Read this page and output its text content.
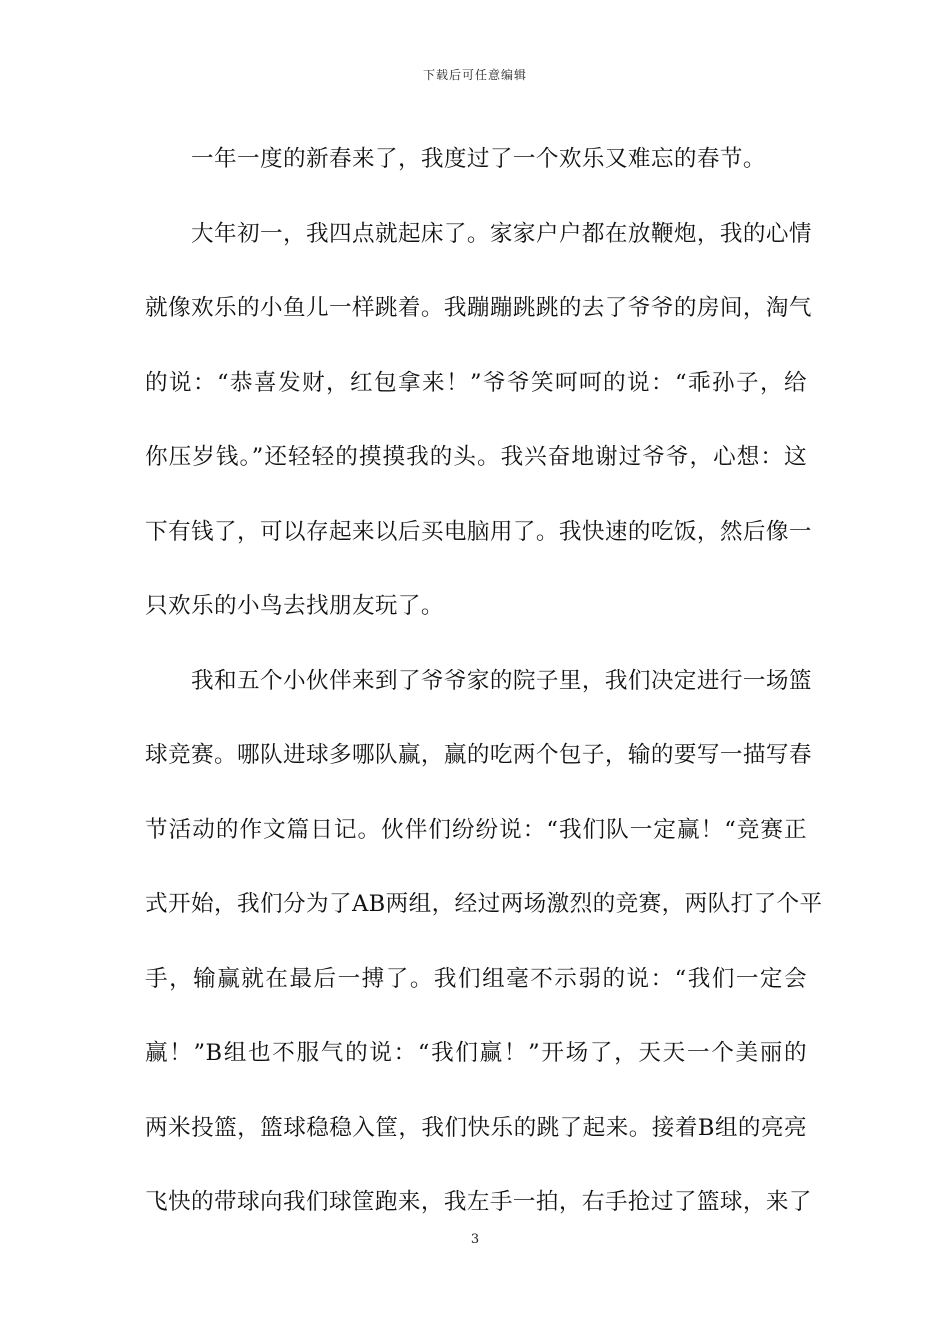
下载后可任意编辑
一年一度的新春来了，我度过了一个欢乐又难忘的春节。
大年初一，我四点就起床了。家家户户都在放鞭炮，我的心情
就像欢乐的小鱼儿一样跳着。我蹦蹦跳跳的去了爷爷的房间，淘气
的说：“恭喜发财，红包拿来！”爷爷笑呵呵的说：“乖孙子，给
你压岁钱。”还轻轻的摸摸我的头。我兴奋地谢过爷爷，心想：这
下有钱了，可以存起来以后买电脑用了。我快速的吃饭，然后像一
只欢乐的小鸟去找朋友玩了。
我和五个小伙伴来到了爷爷家的院子里，我们决定进行一场篮
球竞赛。哪队进球多哪队赢，赢的吃两个包子，输的要写一描写春
节活动的作文篇日记。伙伴们纷纷说：“我们队一定赢！“竞赛正
式开始，我们分为了AB两组，经过两场激烈的竞赛，两队打了个平
手，输赢就在最后一搏了。我们组毫不示弱的说：“我们一定会
赢！”B组也不服气的说：“我们赢！”开场了，天天一个美丽的
两米投篮，篮球稳稳入筐，我们快乐的跳了起来。接着B组的亮亮
飞快的带球向我们球筐跑来，我左手一拍，右手抢过了篮球，来了
3
